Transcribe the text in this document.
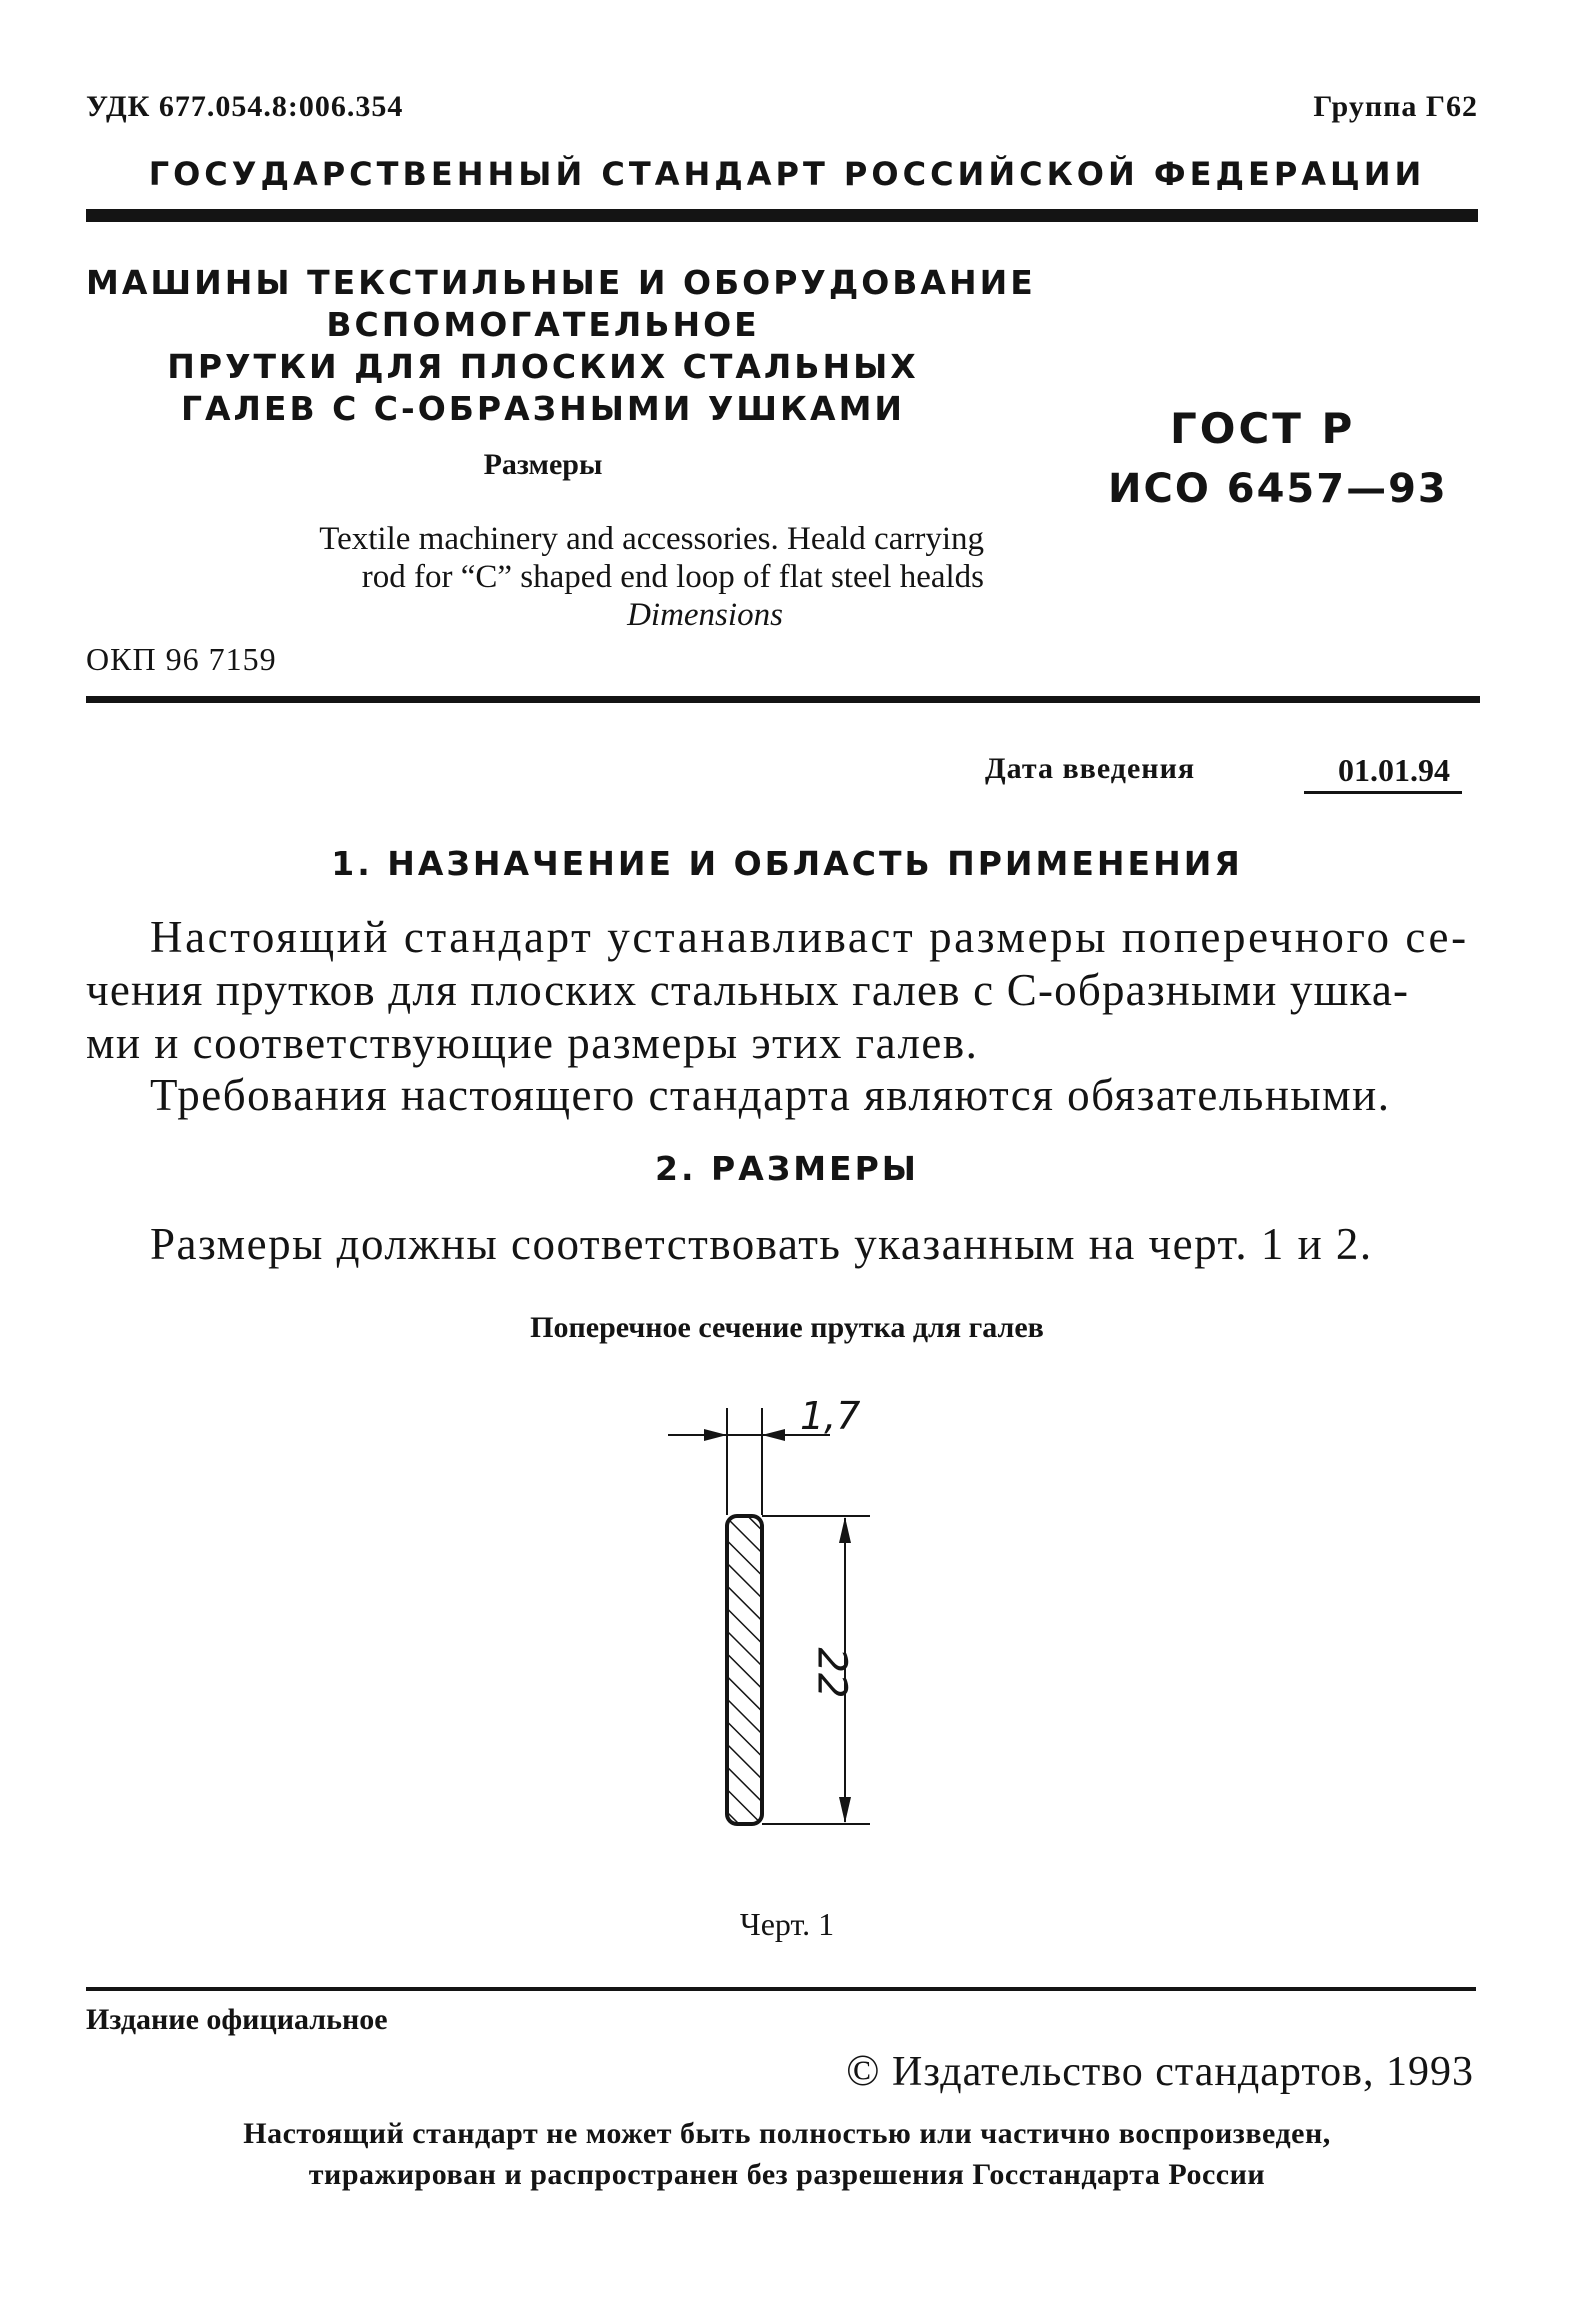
УДК 677.054.8:006.354	Группа Г62
ГОСУДАРСТВЕННЫЙ СТАНДАРТ РОССИЙСКОЙ ФЕДЕРАЦИИ
МАШИНЫ ТЕКСТИЛЬНЫЕ И ОБОРУДОВАНИЕ
ВСПОМОГАТЕЛЬНОЕ
ПРУТКИ ДЛЯ ПЛОСКИХ СТАЛЬНЫХ
ГАЛЕВ С С-ОБРАЗНЫМИ УШКАМИ
Размеры
Textile machinery and accessories. Heald carrying
rod for “C” shaped end loop of flat steel healds
Dimensions
ОКП 96 7159
ГОСТ Р
ИСО 6457—93
Дата введения	01.01.94
1. НАЗНАЧЕНИЕ И ОБЛАСТЬ ПРИМЕНЕНИЯ
Настоящий стандарт устанавливаст размеры поперечного се-
чения прутков для плоских стальных галев с С-образными ушка-
ми и соответствующие размеры этих галев.
Требования настоящего стандарта являются обязательными.
2. РАЗМЕРЫ
Размеры должны соответствовать указанным на черт. 1 и 2.
Поперечное сечение прутка для галев
1,7
22
Черт. 1
Издание официальное
© Издательство стандартов, 1993
Настоящий стандарт не может быть полностью или частично воспроизведен,
тиражирован и распространен без разрешения Госстандарта России
